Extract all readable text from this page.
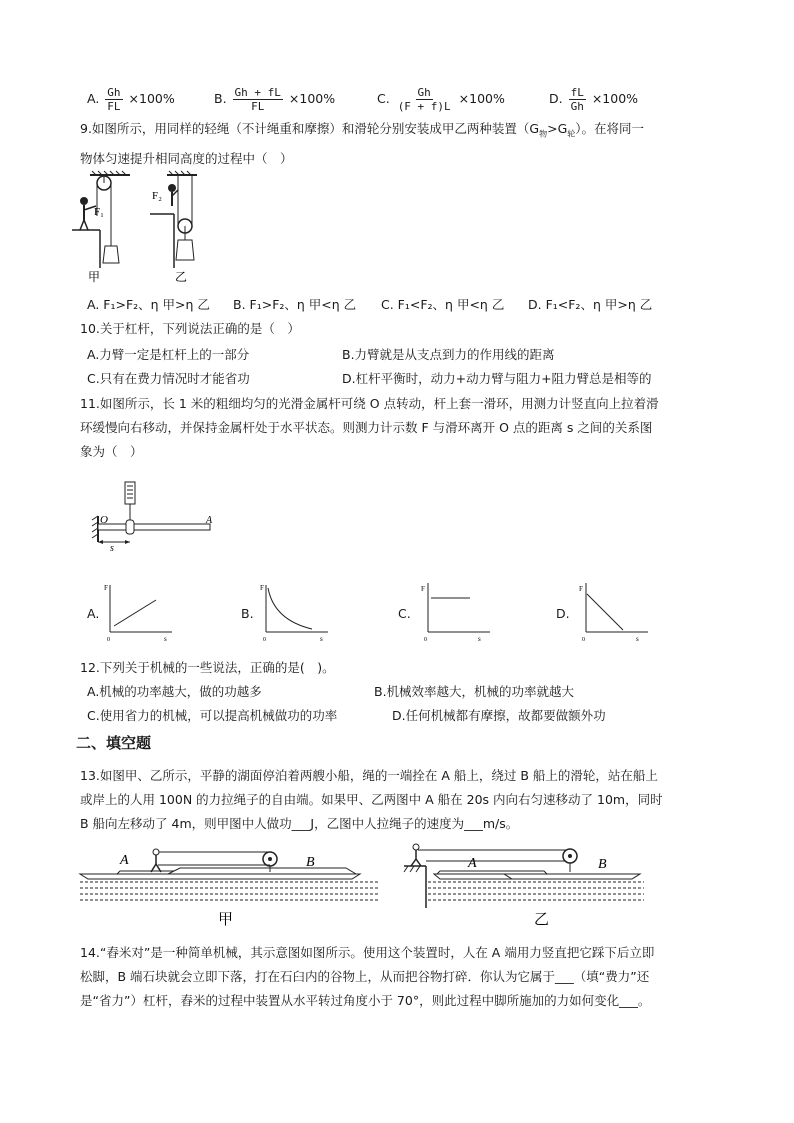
A. $\frac{Gh}{FL} \times 100\%$	B. $\frac{Gh + fL}{FL} \times 100\%$	C. $\frac{Gh}{(F + f)L} \times 100\%$	D. $\frac{fL}{Gh} \times 100\%$
9.如图所示，用同样的轻绳（不计绳重和摩擦）和滑轮分别安装成甲乙两种装置$(G_物>G_轮)$。在将同一
物体匀速提升相同高度的过程中（　）
F₁
F₂
甲	乙
A. F₁>F₂、η 甲>η 乙 B. F₁>F₂、η 甲<η 乙 C. F₁<F₂、η 甲<η 乙 D. F₁<F₂、η 甲>η 乙
10.关于杠杆，下列说法正确的是（　）
A.力臂一定是杠杆上的一部分	B.力臂就是从支点到力的作用线的距离
C.只有在费力情况时才能省功	D.杠杆平衡时，动力+动力臂与阻力+阻力臂总是相等的
11.如图所示，长 1 米的粗细均匀的光滑金属杆可绕 O 点转动，杆上套一滑环，用测力计竖直向上拉着滑
环缓慢向右移动，并保持金属杆处于水平状态。则测力计示数 F 与滑环离开 O 点的距离 s 之间的关系图
象为（　）
O	A
s
A.
F
s
0
B.
F
s
0
C.
F
s
0
D.
F
s
0
12.下列关于机械的一些说法，正确的是(　)。
A.机械的功率越大，做的功越多	B.机械效率越大，机械的功率就越大
C.使用省力的机械，可以提高机械做功的功率	D.任何机械都有摩擦，故都要做额外功
二、填空题
13.如图甲、乙所示，平静的湖面停泊着两艘小船，绳的一端拴在 A 船上，绕过 B 船上的滑轮，站在船上
或岸上的人用 100N 的力拉绳子的自由端。如果甲、乙两图中 A 船在 20s 内向右匀速移动了 10m，同时
B 船向左移动了 4m，则甲图中人做功___J，乙图中人拉绳子的速度为___m/s。
A	B
甲
A	B
乙
14.“舂米对”是一种简单机械，其示意图如图所示。使用这个装置时，人在 A 端用力竖直把它踩下后立即
松脚，B 端石块就会立即下落，打在石臼内的谷物上，从而把谷物打碎．你认为它属于___（填“费力”还
是“省力”）杠杆，舂米的过程中装置从水平转过角度小于 70°，则此过程中脚所施加的力如何变化___。
